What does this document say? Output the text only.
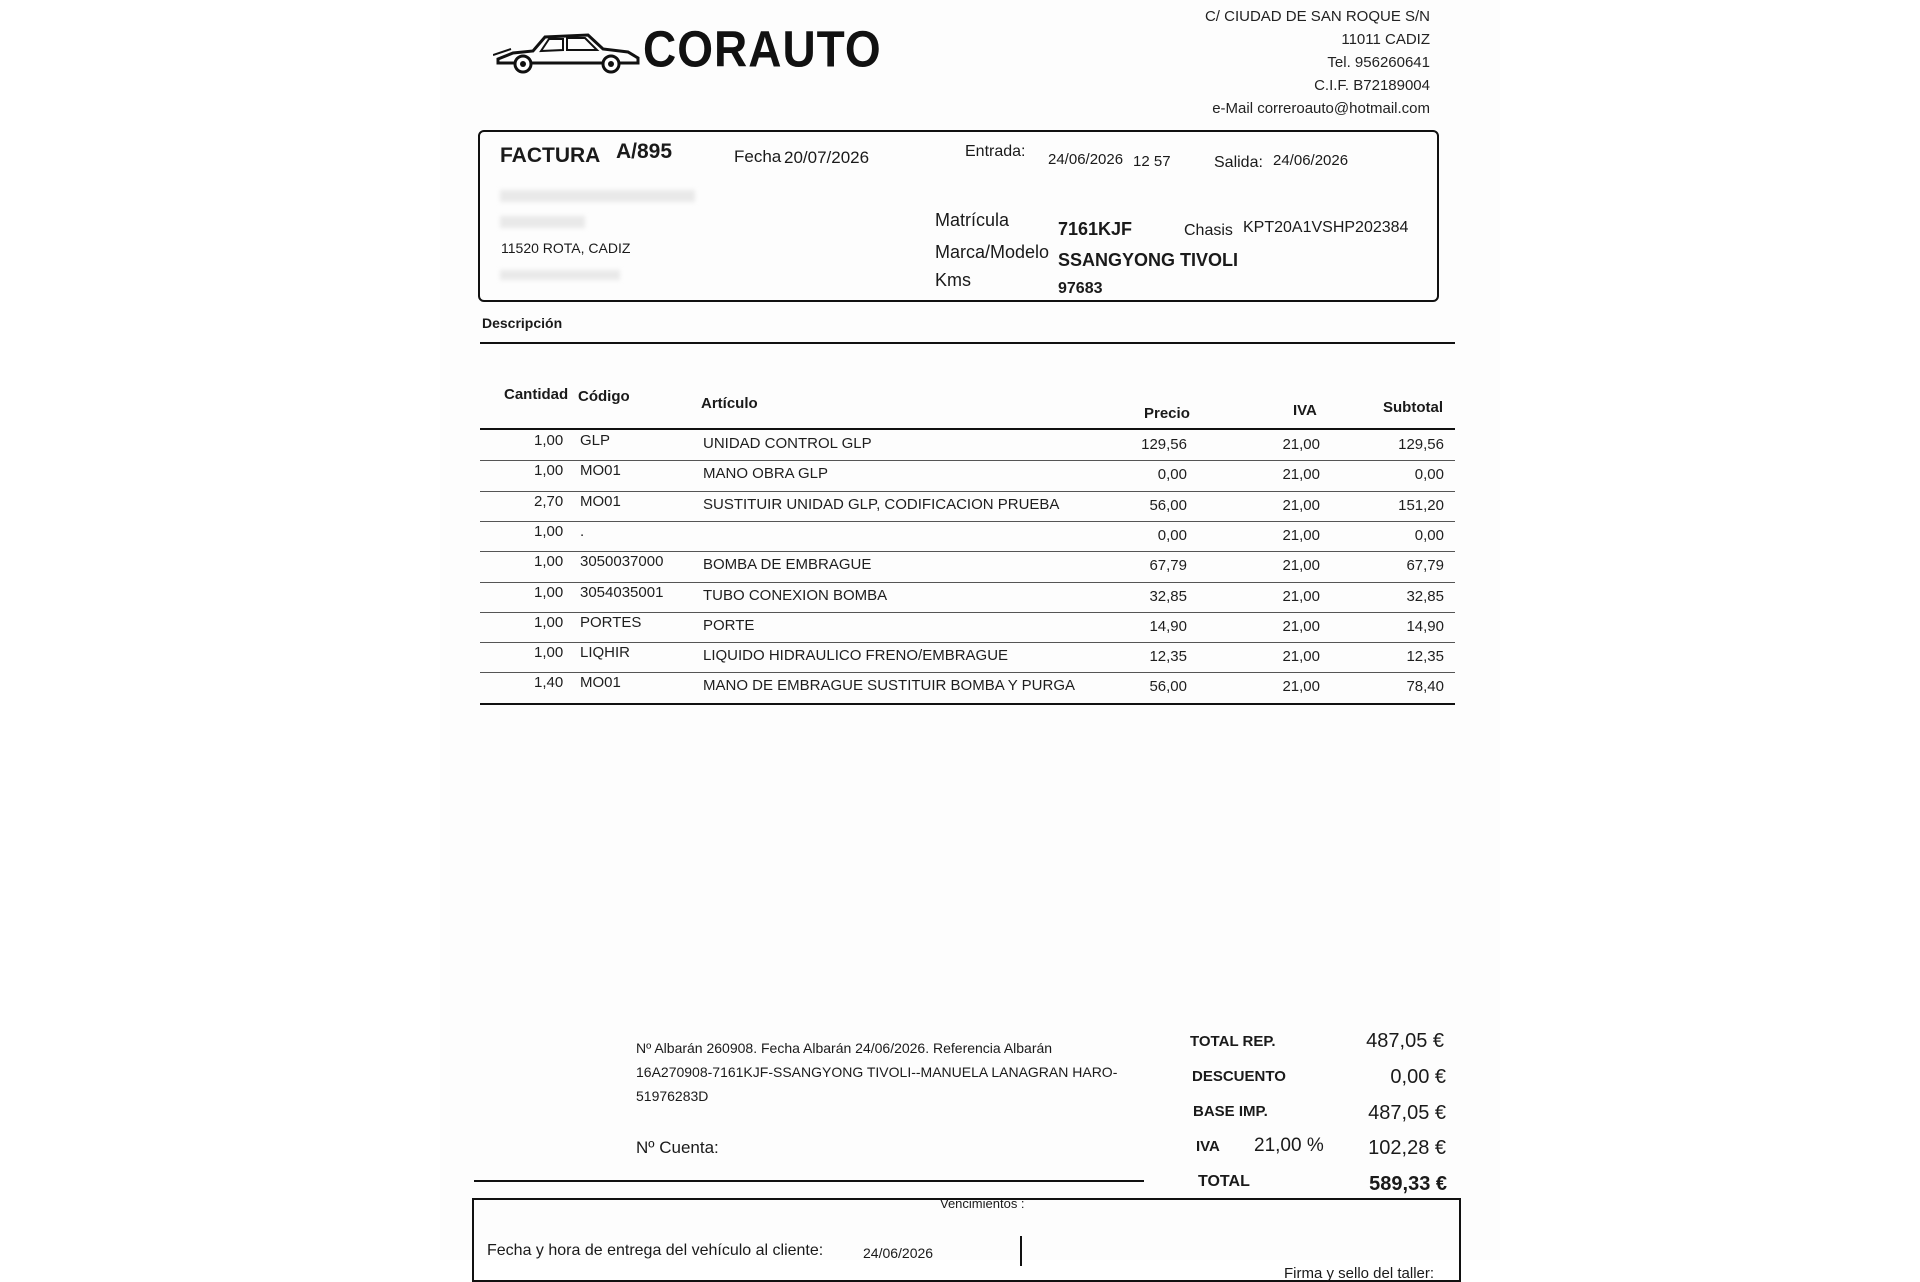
CORAUTO
C/ CIUDAD DE SAN ROQUE S/N
11011 CADIZ
Tel. 956260641
C.I.F. B72189004
e-Mail correroauto@hotmail.com
FACTURA A/895	Fecha 20/07/2026	Entrada: 24/06/2026 12 57	Salida: 24/06/2026
11520 ROTA, CADIZ
Matrícula	7161KJF	Chasis KPT20A1VSHP202384
Marca/Modelo SSANGYONG TIVOLI
Kms	97683
Descripción
Cantidad Código	Artículo
Precio	IVA	Subtotal
1,00 GLP	UNIDAD CONTROL GLP	129,56	21,00	129,56
1,00 MO01	MANO OBRA GLP	0,00	21,00	0,00
2,70 MO01	SUSTITUIR UNIDAD GLP, CODIFICACION PRUEBA	56,00	21,00	151,20
1,00 .	0,00	21,00	0,00
1,00 3050037000	BOMBA DE EMBRAGUE	67,79	21,00	67,79
1,00 3054035001	TUBO CONEXION BOMBA	32,85	21,00	32,85
1,00 PORTES	PORTE	14,90	21,00	14,90
1,00 LIQHIR	LIQUIDO HIDRAULICO FRENO/EMBRAGUE	12,35	21,00	12,35
1,40 MO01	MANO DE EMBRAGUE SUSTITUIR BOMBA Y PURGA	56,00	21,00	78,40
Nº Albarán 260908. Fecha Albarán 24/06/2026. Referencia Albarán
16A270908-7161KJF-SSANGYONG TIVOLI--MANUELA LANAGRAN HARO-
51976283D
Nº Cuenta:
TOTAL REP.	487,05 €
DESCUENTO	0,00 €
BASE IMP.	487,05 €
IVA 21,00 % 102,28 €
TOTAL	589,33 €
Vencimientos :
Fecha y hora de entrega del vehículo al cliente:	24/06/2026
Firma y sello del taller:
